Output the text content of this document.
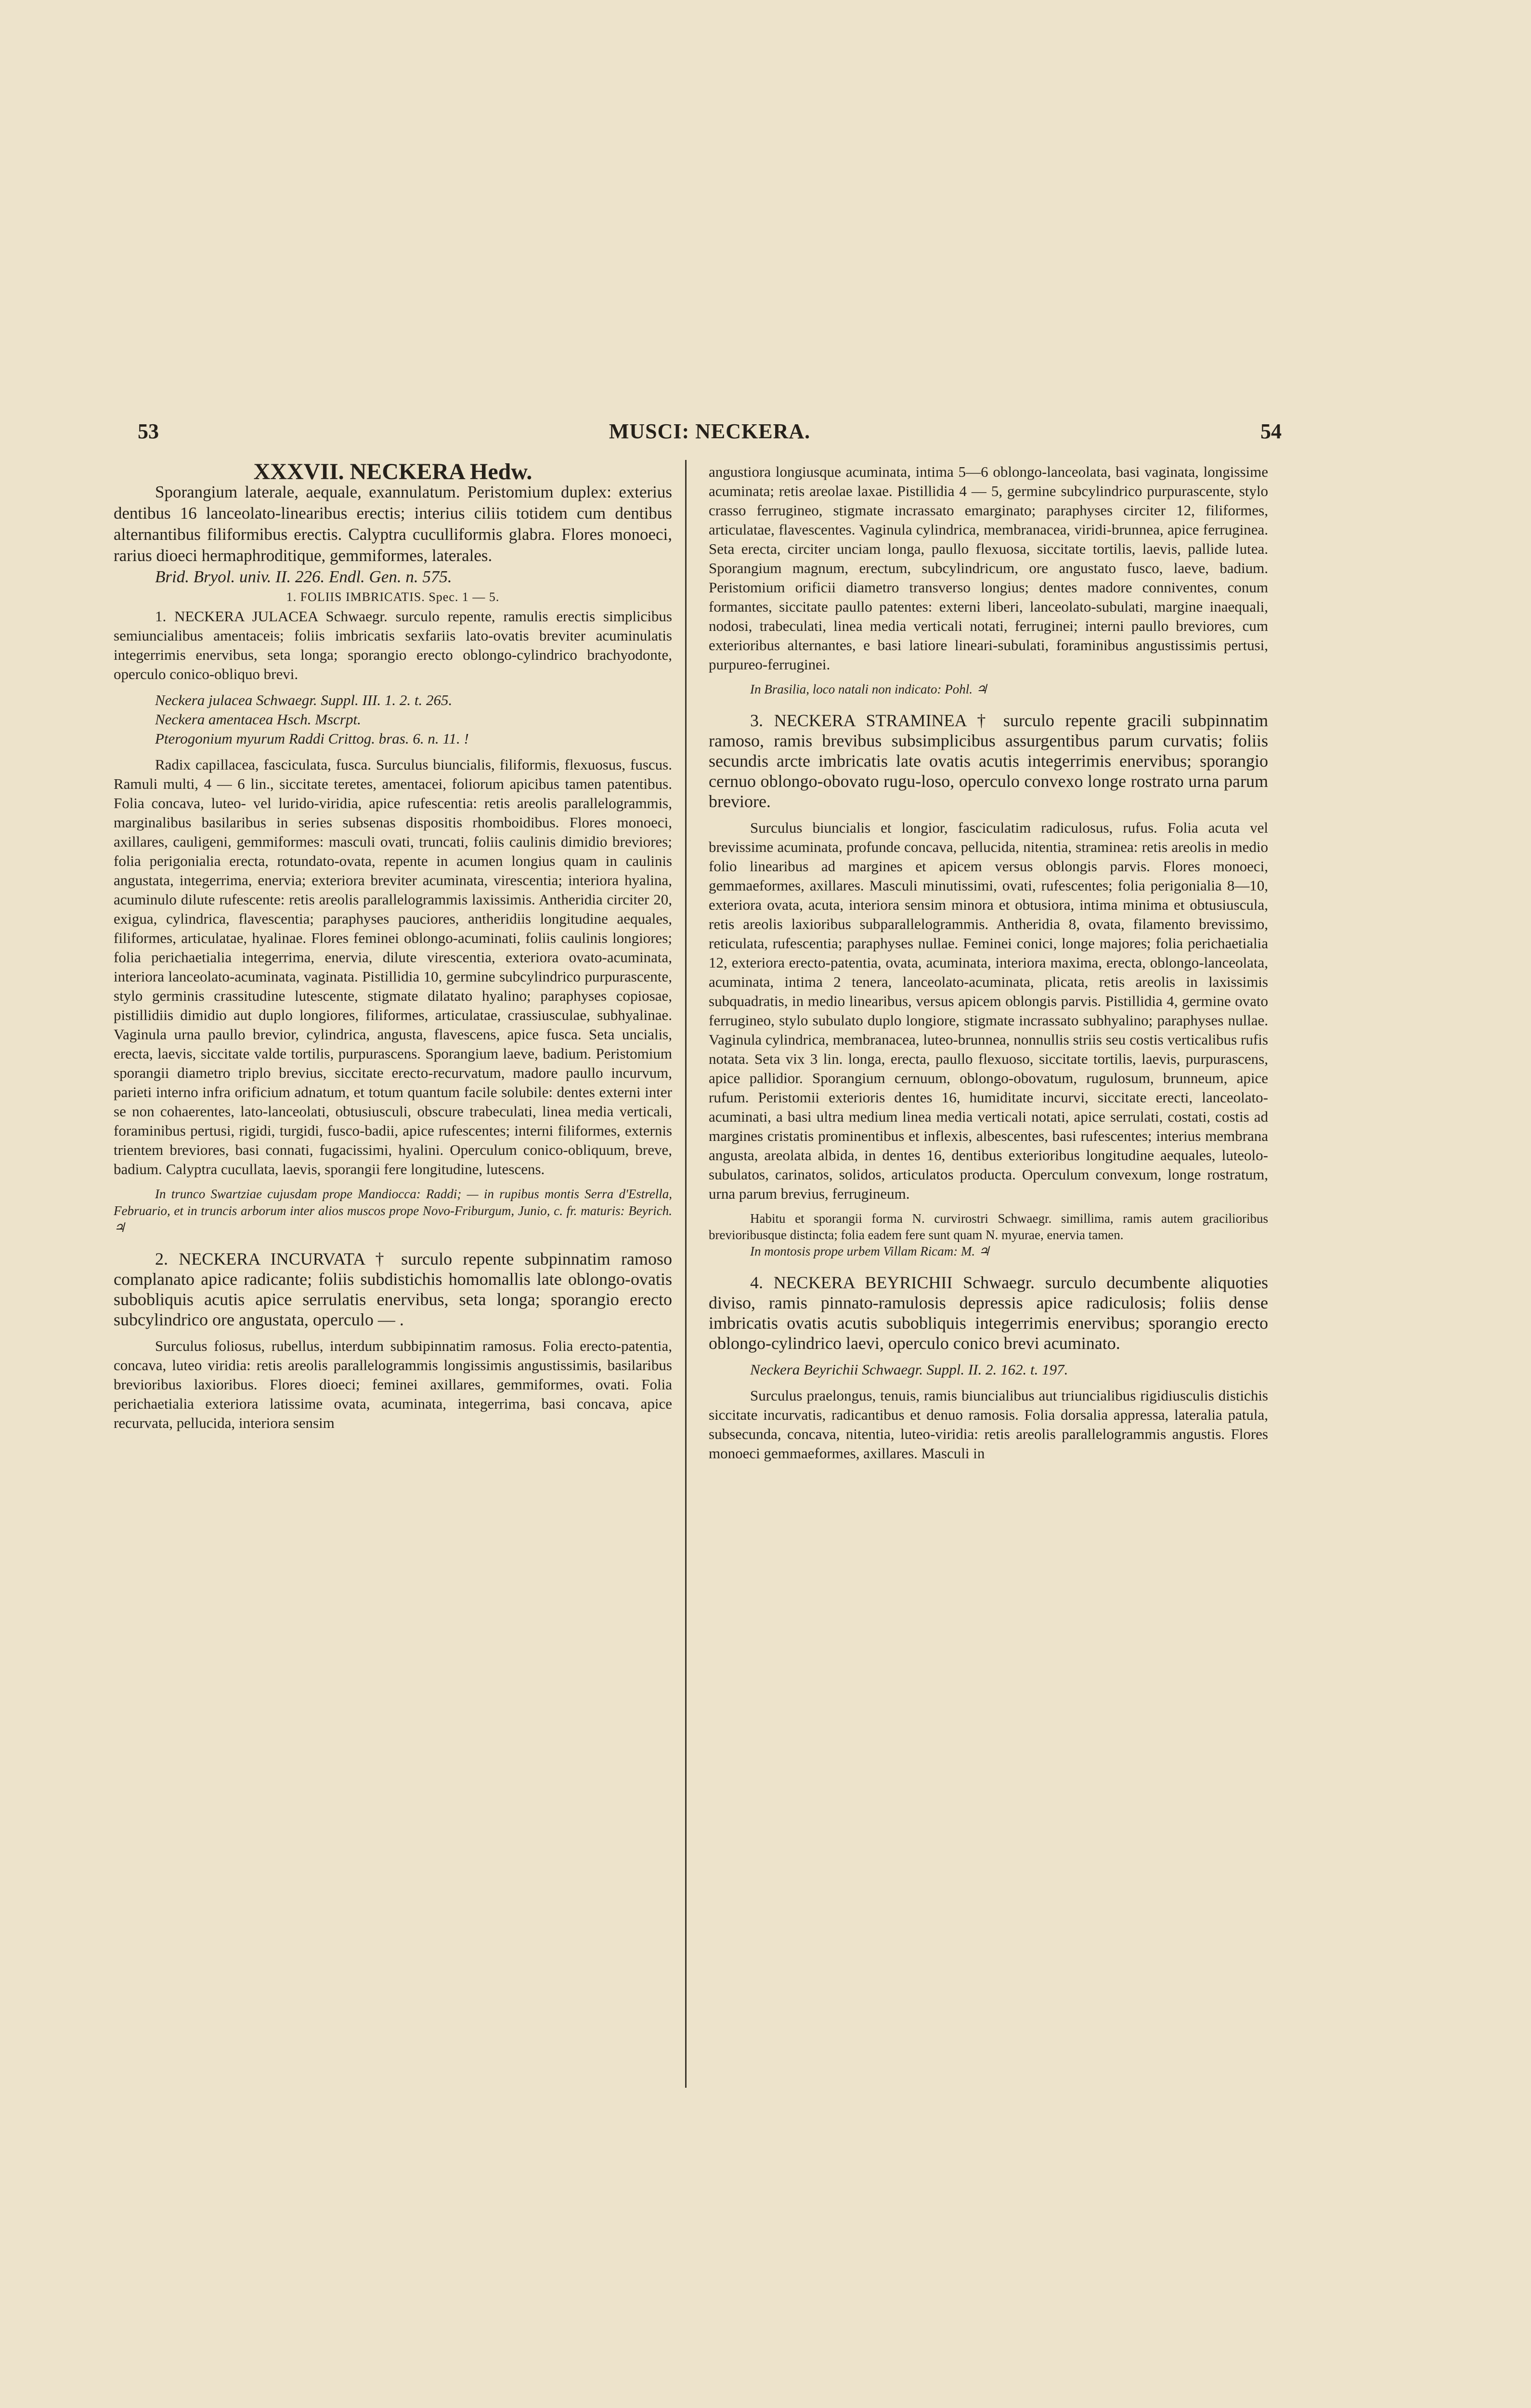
53	MUSCI: NECKERA.	54

XXXVII. NECKERA Hedw.

Sporangium laterale, aequale, exannulatum. Peristomium duplex: exterius dentibus 16 lanceolato-linearibus erectis; interius ciliis totidem cum dentibus alternantibus filiformibus erectis. Calyptra cuculliformis glabra. Flores monoeci, rarius dioeci hermaphroditique, gemmiformes, laterales.

Brid. Bryol. univ. II. 226. Endl. Gen. n. 575.

1. FOLIIS IMBRICATIS. Spec. 1 — 5.

1. NECKERA JULACEA Schwaegr. surculo repente, ramulis erectis simplicibus semiuncialibus amentaceis; foliis imbricatis sexfariis lato-ovatis breviter acuminulatis integerrimis enervibus, seta longa; sporangio erecto oblongo-cylindrico brachyodonte, operculo conico-obliquo brevi.

Neckera julacea Schwaegr. Suppl. III. 1. 2. t. 265.

Neckera amentacea Hsch. Mscrpt.

Pterogonium myurum Raddi Crittog. bras. 6. n. 11. !

Radix capillacea, fasciculata, fusca. Surculus biuncialis, filiformis, flexuosus, fuscus. Ramuli multi, 4 — 6 lin., siccitate teretes, amentacei, foliorum apicibus tamen patentibus. Folia concava, luteo- vel lurido-viridia, apice rufescentia: retis areolis parallelogrammis, marginalibus basilaribus in series subsenas dispositis rhomboidibus. Flores monoeci, axillares, cauligeni, gemmiformes: masculi ovati, truncati, foliis caulinis dimidio breviores; folia perigonialia erecta, rotundato-ovata, repente in acumen longius quam in caulinis angustata, integerrima, enervia; exteriora breviter acuminata, virescentia; interiora hyalina, acuminulo dilute rufescente: retis areolis parallelogrammis laxissimis. Antheridia circiter 20, exigua, cylindrica, flavescentia; paraphyses pauciores, antheridiis longitudine aequales, filiformes, articulatae, hyalinae. Flores feminei oblongo-acuminati, foliis caulinis longiores; folia perichaetialia integerrima, enervia, dilute virescentia, exteriora ovato-acuminata, interiora lanceolato-acuminata, vaginata. Pistillidia 10, germine subcylindrico purpurascente, stylo germinis crassitudine lutescente, stigmate dilatato hyalino; paraphyses copiosae, pistillidiis dimidio aut duplo longiores, filiformes, articulatae, crassiusculae, subhyalinae. Vaginula urna paullo brevior, cylindrica, angusta, flavescens, apice fusca. Seta uncialis, erecta, laevis, siccitate valde tortilis, purpurascens. Sporangium laeve, badium. Peristomium sporangii diametro triplo brevius, siccitate erecto-recurvatum, madore paullo incurvum, parieti interno infra orificium adnatum, et totum quantum facile solubile: dentes externi inter se non cohaerentes, lato-lanceolati, obtusiusculi, obscure trabeculati, linea media verticali, foraminibus pertusi, rigidi, turgidi, fusco-badii, apice rufescentes; interni filiformes, externis trientem breviores, basi connati, fugacissimi, hyalini. Operculum conico-obliquum, breve, badium. Calyptra cucullata, laevis, sporangii fere longitudine, lutescens.

In trunco Swartziae cujusdam prope Mandiocca: Raddi; — in rupibus montis Serra d'Estrella, Februario, et in truncis arborum inter alios muscos prope Novo-Friburgum, Junio, c. fr. maturis: Beyrich. ♃

2. NECKERA INCURVATA † surculo repente subpinnatim ramoso complanato apice radicante; foliis subdistichis homomallis late oblongo-ovatis subobliquis acutis apice serrulatis enervibus, seta longa; sporangio erecto subcylindrico ore angustata, operculo — .

Surculus foliosus, rubellus, interdum subbipinnatim ramosus. Folia erecto-patentia, concava, luteo viridia: retis areolis parallelogrammis longissimis angustissimis, basilaribus brevioribus laxioribus. Flores dioeci; feminei axillares, gemmiformes, ovati. Folia perichaetialia exteriora latissime ovata, acuminata, integerrima, basi concava, apice recurvata, pellucida, interiora sensim

angustiora longiusque acuminata, intima 5—6 oblongo-lanceolata, basi vaginata, longissime acuminata; retis areolae laxae. Pistillidia 4 — 5, germine subcylindrico purpurascente, stylo crasso ferrugineo, stigmate incrassato emarginato; paraphyses circiter 12, filiformes, articulatae, flavescentes. Vaginula cylindrica, membranacea, viridi-brunnea, apice ferruginea. Seta erecta, circiter unciam longa, paullo flexuosa, siccitate tortilis, laevis, pallide lutea. Sporangium magnum, erectum, subcylindricum, ore angustato fusco, laeve, badium. Peristomium orificii diametro transverso longius; dentes madore conniventes, conum formantes, siccitate paullo patentes: externi liberi, lanceolato-subulati, margine inaequali, nodosi, trabeculati, linea media verticali notati, ferruginei; interni paullo breviores, cum exterioribus alternantes, e basi latiore lineari-subulati, foraminibus angustissimis pertusi, purpureo-ferruginei.

In Brasilia, loco natali non indicato: Pohl. ♃

3. NECKERA STRAMINEA † surculo repente gracili subpinnatim ramoso, ramis brevibus subsimplicibus assurgentibus parum curvatis; foliis secundis arcte imbricatis late ovatis acutis integerrimis enervibus; sporangio cernuo oblongo-obovato rugu-loso, operculo convexo longe rostrato urna parum breviore.

Surculus biuncialis et longior, fasciculatim radiculosus, rufus. Folia acuta vel brevissime acuminata, profunde concava, pellucida, nitentia, straminea: retis areolis in medio folio linearibus ad margines et apicem versus oblongis parvis. Flores monoeci, gemmaeformes, axillares. Masculi minutissimi, ovati, rufescentes; folia perigonialia 8—10, exteriora ovata, acuta, interiora sensim minora et obtusiora, intima minima et obtusiuscula, retis areolis laxioribus subparallelogrammis. Antheridia 8, ovata, filamento brevissimo, reticulata, rufescentia; paraphyses nullae. Feminei conici, longe majores; folia perichaetialia 12, exteriora erecto-patentia, ovata, acuminata, interiora maxima, erecta, oblongo-lanceolata, acuminata, intima 2 tenera, lanceolato-acuminata, plicata, retis areolis in laxissimis subquadratis, in medio linearibus, versus apicem oblongis parvis. Pistillidia 4, germine ovato ferrugineo, stylo subulato duplo longiore, stigmate incrassato subhyalino; paraphyses nullae. Vaginula cylindrica, membranacea, luteo-brunnea, nonnullis striis seu costis verticalibus rufis notata. Seta vix 3 lin. longa, erecta, paullo flexuoso, siccitate tortilis, laevis, purpurascens, apice pallidior. Sporangium cernuum, oblongo-obovatum, rugulosum, brunneum, apice rufum. Peristomii exterioris dentes 16, humiditate incurvi, siccitate erecti, lanceolato-acuminati, a basi ultra medium linea media verticali notati, apice serrulati, costati, costis ad margines cristatis prominentibus et inflexis, albescentes, basi rufescentes; interius membrana angusta, areolata albida, in dentes 16, dentibus exterioribus longitudine aequales, luteolo-subulatos, carinatos, solidos, articulatos producta. Operculum convexum, longe rostratum, urna parum brevius, ferrugineum.

Habitu et sporangii forma N. curvirostri Schwaegr. simillima, ramis autem gracilioribus brevioribusque distincta; folia eadem fere sunt quam N. myurae, enervia tamen.

In montosis prope urbem Villam Ricam: M. ♃

4. NECKERA BEYRICHII Schwaegr. surculo decumbente aliquoties diviso, ramis pinnato-ramulosis depressis apice radiculosis; foliis dense imbricatis ovatis acutis subobliquis integerrimis enervibus; sporangio erecto oblongo-cylindrico laevi, operculo conico brevi acuminato.

Neckera Beyrichii Schwaegr. Suppl. II. 2. 162. t. 197.

Surculus praelongus, tenuis, ramis biuncialibus aut triuncialibus rigidiusculis distichis siccitate incurvatis, radicantibus et denuo ramosis. Folia dorsalia appressa, lateralia patula, subsecunda, concava, nitentia, luteo-viridia: retis areolis parallelogrammis angustis. Flores monoeci gemmaeformes, axillares. Masculi in
